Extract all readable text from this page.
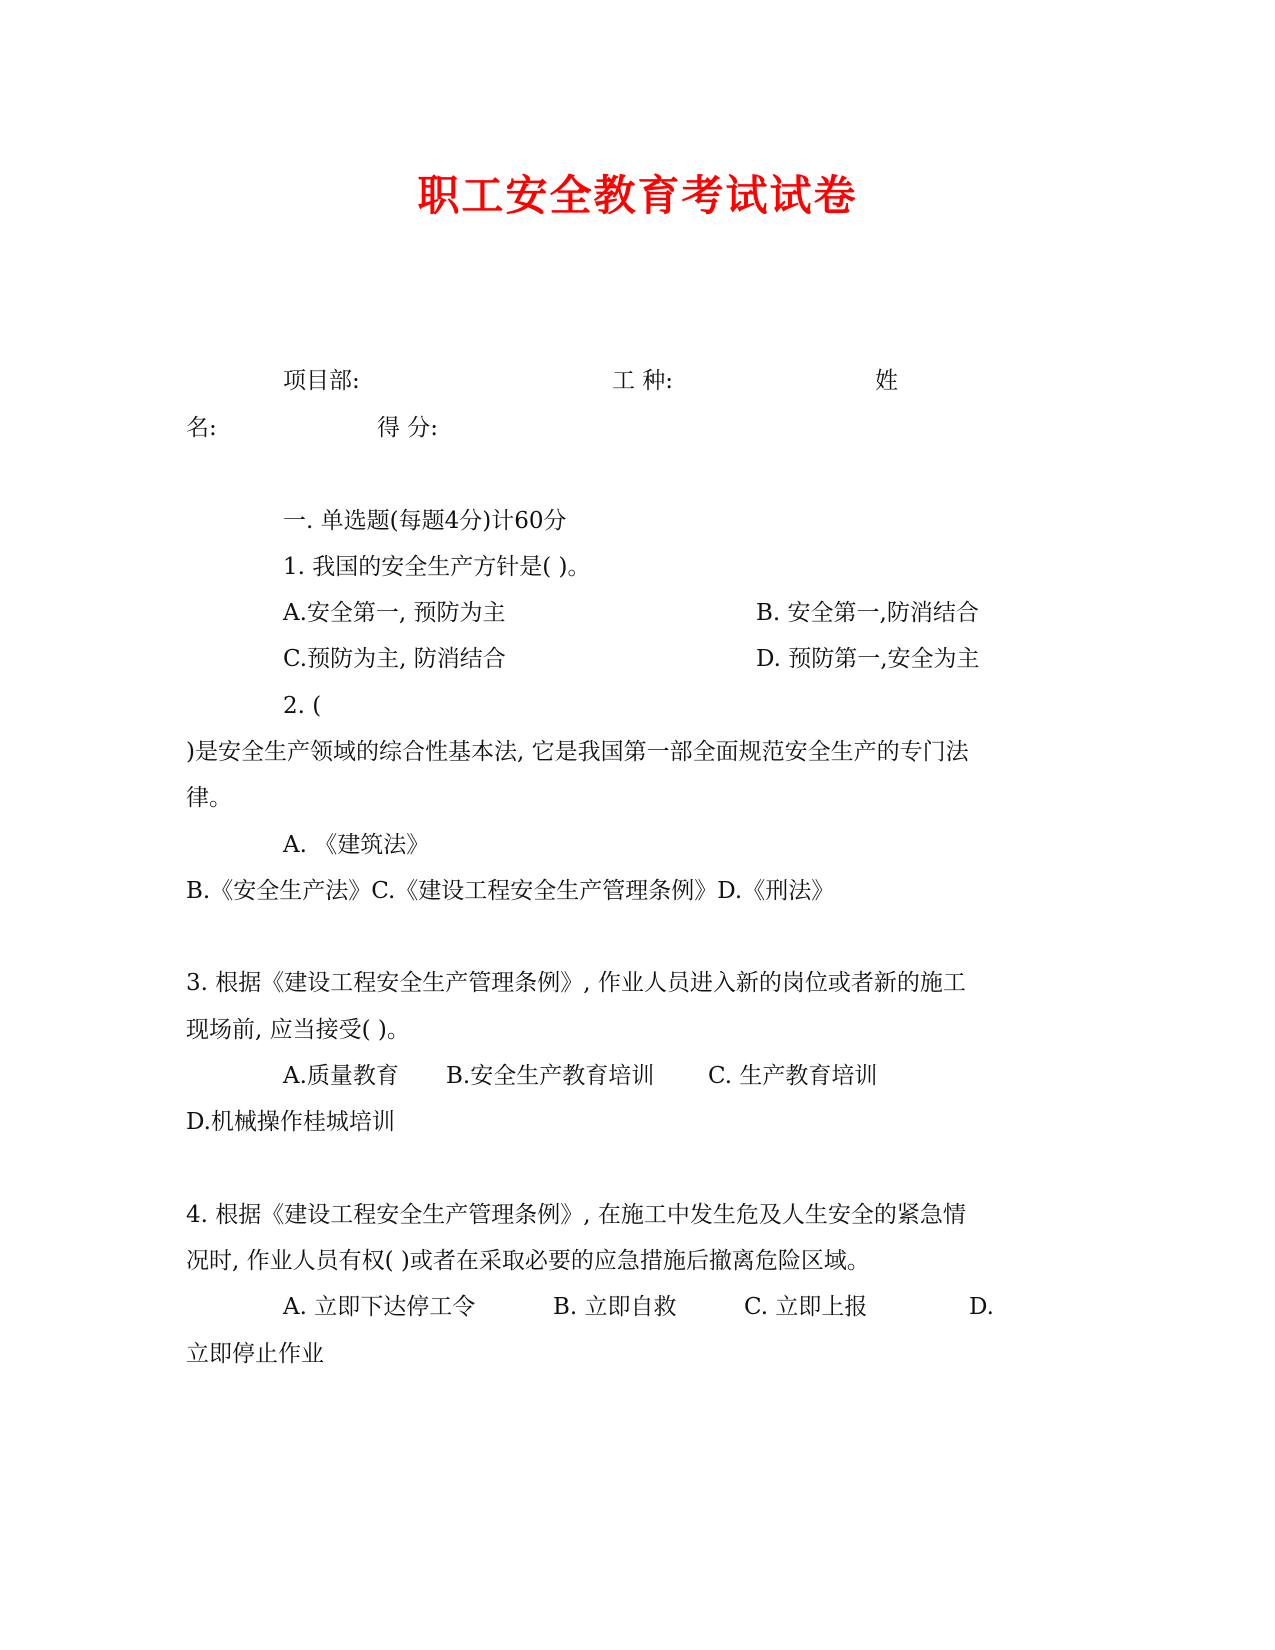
职工安全教育考试试卷
项目部:	工 种:	姓
名:	得 分:
一. 单选题(每题4分)计60分
1. 我国的安全生产方针是( )。
A.安全第一, 预防为主	B. 安全第一,防消结合
C.预防为主, 防消结合	D. 预防第一,安全为主
2. (
)是安全生产领域的综合性基本法, 它是我国第一部全面规范安全生产的专门法
律。
A. 《建筑法》
B.《安全生产法》C.《建设工程安全生产管理条例》D.《刑法》
3. 根据《建设工程安全生产管理条例》, 作业人员进入新的岗位或者新的施工
现场前, 应当接受( )。
A.质量教育 B.安全生产教育培训 C. 生产教育培训
D.机械操作桂城培训
4. 根据《建设工程安全生产管理条例》, 在施工中发生危及人生安全的紧急情
况时, 作业人员有权( )或者在采取必要的应急措施后撤离危险区域。
A. 立即下达停工令	B. 立即自救	C. 立即上报	D.
立即停止作业
